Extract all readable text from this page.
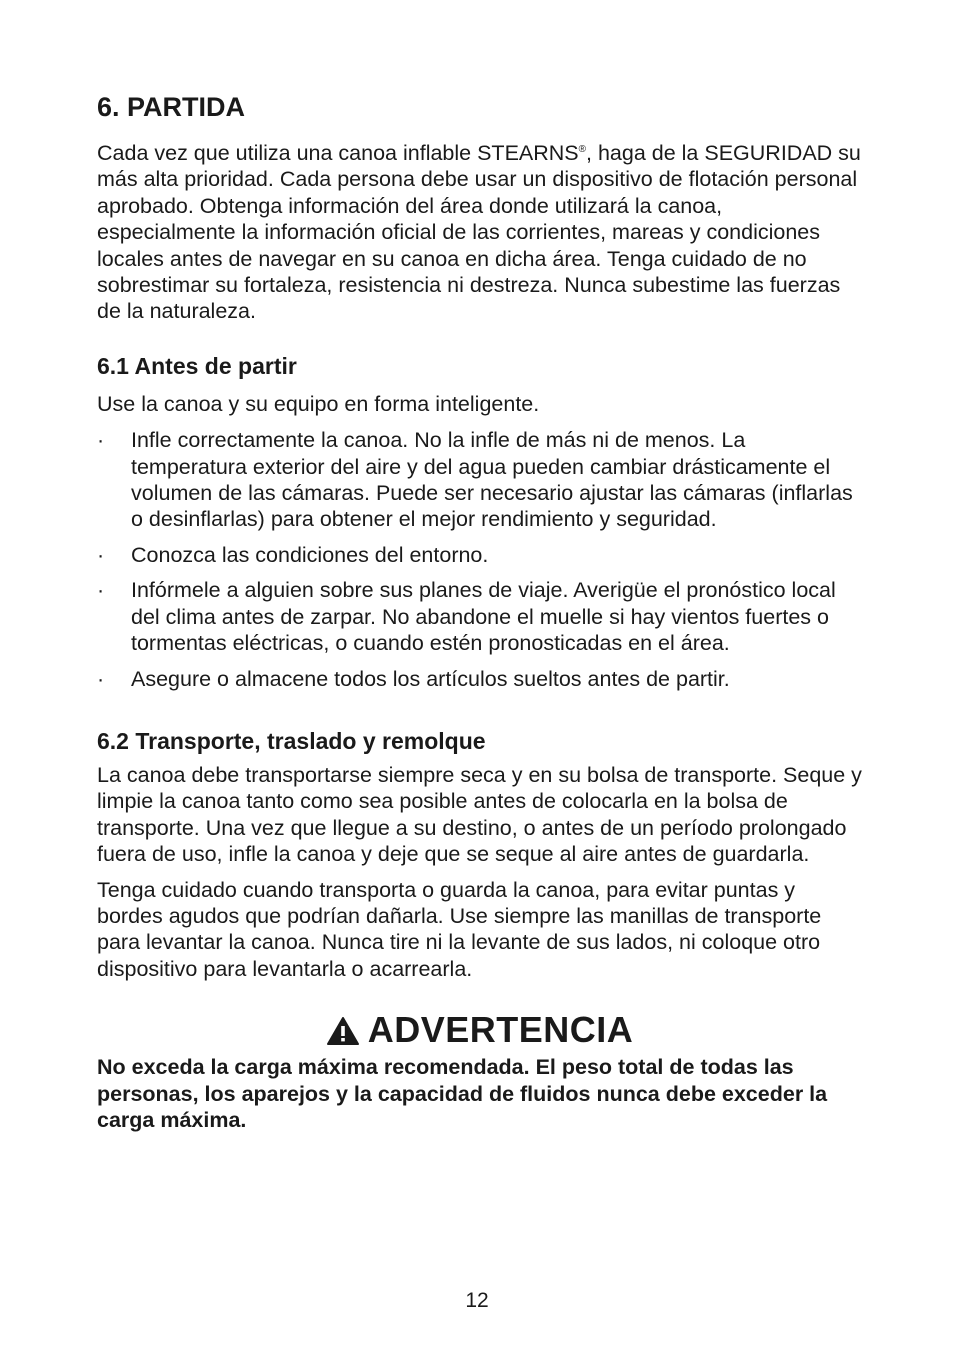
6. PARTIDA

Cada vez que utiliza una canoa inflable STEARNS®, haga de la SEGURIDAD su más alta prioridad. Cada persona debe usar un dispositivo de flotación personal aprobado. Obtenga información del área donde utilizará la canoa, especialmente la información oficial de las corrientes, mareas y condiciones locales antes de navegar en su canoa en dicha área. Tenga cuidado de no sobrestimar su fortaleza, resistencia ni destreza. Nunca subestime las fuerzas de la naturaleza.

6.1 Antes de partir

Use la canoa y su equipo en forma inteligente.

·	Infle correctamente la canoa. No la infle de más ni de menos. La temperatura exterior del aire y del agua pueden cambiar drásticamente el volumen de las cámaras. Puede ser necesario ajustar las cámaras (inflarlas o desinflarlas) para obtener el mejor rendimiento y seguridad.
·	Conozca las condiciones del entorno.
·	Infórmele a alguien sobre sus planes de viaje. Averigüe el pronóstico local del clima antes de zarpar. No abandone el muelle si hay vientos fuertes o tormentas eléctricas, o cuando estén pronosticadas en el área.
·	Asegure o almacene todos los artículos sueltos antes de partir.
6.2 Transporte, traslado y remolque

La canoa debe transportarse siempre seca y en su bolsa de transporte. Seque y limpie la canoa tanto como sea posible antes de colocarla en la bolsa de transporte. Una vez que llegue a su destino, o antes de un período prolongado fuera de uso, infle la canoa y deje que se seque al aire antes de guardarla.

Tenga cuidado cuando transporta o guarda la canoa, para evitar puntas y bordes agudos que podrían dañarla. Use siempre las manillas de transporte para levantar la canoa. Nunca tire ni la levante de sus lados, ni coloque otro dispositivo para levantarla o acarrearla.

ADVERTENCIA

No exceda la carga máxima recomendada. El peso total de todas las personas, los aparejos y la capacidad de fluidos nunca debe exceder la carga máxima.

12
